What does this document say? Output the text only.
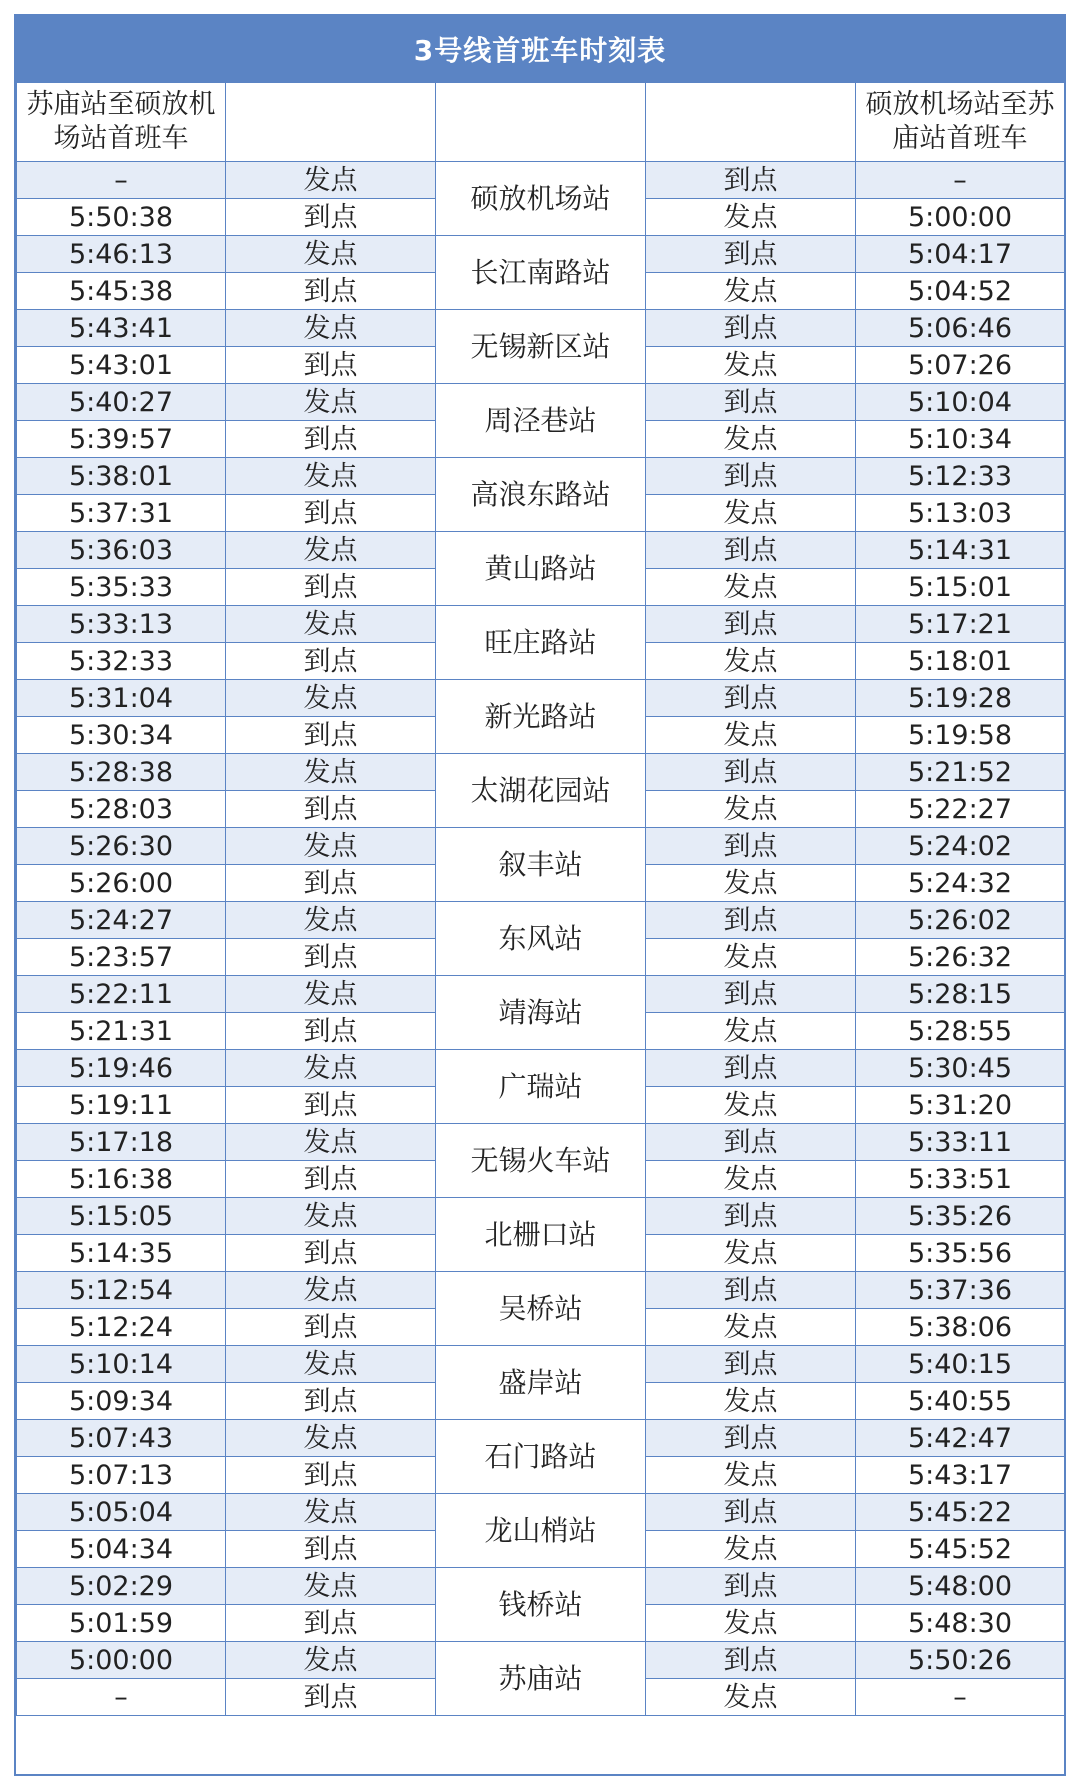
3号线首班车时刻表
苏庙站至硕放机场站首班车				硕放机场站至苏庙站首班车
–	发点	硕放机场站	到点	–
5:50:38	到点		发点	5:00:00
5:46:13	发点	长江南路站	到点	5:04:17
5:45:38	到点		发点	5:04:52
5:43:41	发点	无锡新区站	到点	5:06:46
5:43:01	到点		发点	5:07:26
5:40:27	发点	周泾巷站	到点	5:10:04
5:39:57	到点		发点	5:10:34
5:38:01	发点	高浪东路站	到点	5:12:33
5:37:31	到点		发点	5:13:03
5:36:03	发点	黄山路站	到点	5:14:31
5:35:33	到点		发点	5:15:01
5:33:13	发点	旺庄路站	到点	5:17:21
5:32:33	到点		发点	5:18:01
5:31:04	发点	新光路站	到点	5:19:28
5:30:34	到点		发点	5:19:58
5:28:38	发点	太湖花园站	到点	5:21:52
5:28:03	到点		发点	5:22:27
5:26:30	发点	叙丰站	到点	5:24:02
5:26:00	到点		发点	5:24:32
5:24:27	发点	东风站	到点	5:26:02
5:23:57	到点		发点	5:26:32
5:22:11	发点	靖海站	到点	5:28:15
5:21:31	到点		发点	5:28:55
5:19:46	发点	广瑞站	到点	5:30:45
5:19:11	到点		发点	5:31:20
5:17:18	发点	无锡火车站	到点	5:33:11
5:16:38	到点		发点	5:33:51
5:15:05	发点	北栅口站	到点	5:35:26
5:14:35	到点		发点	5:35:56
5:12:54	发点	吴桥站	到点	5:37:36
5:12:24	到点		发点	5:38:06
5:10:14	发点	盛岸站	到点	5:40:15
5:09:34	到点		发点	5:40:55
5:07:43	发点	石门路站	到点	5:42:47
5:07:13	到点		发点	5:43:17
5:05:04	发点	龙山梢站	到点	5:45:22
5:04:34	到点		发点	5:45:52
5:02:29	发点	钱桥站	到点	5:48:00
5:01:59	到点		发点	5:48:30
5:00:00	发点	苏庙站	到点	5:50:26
–	到点		发点	–
